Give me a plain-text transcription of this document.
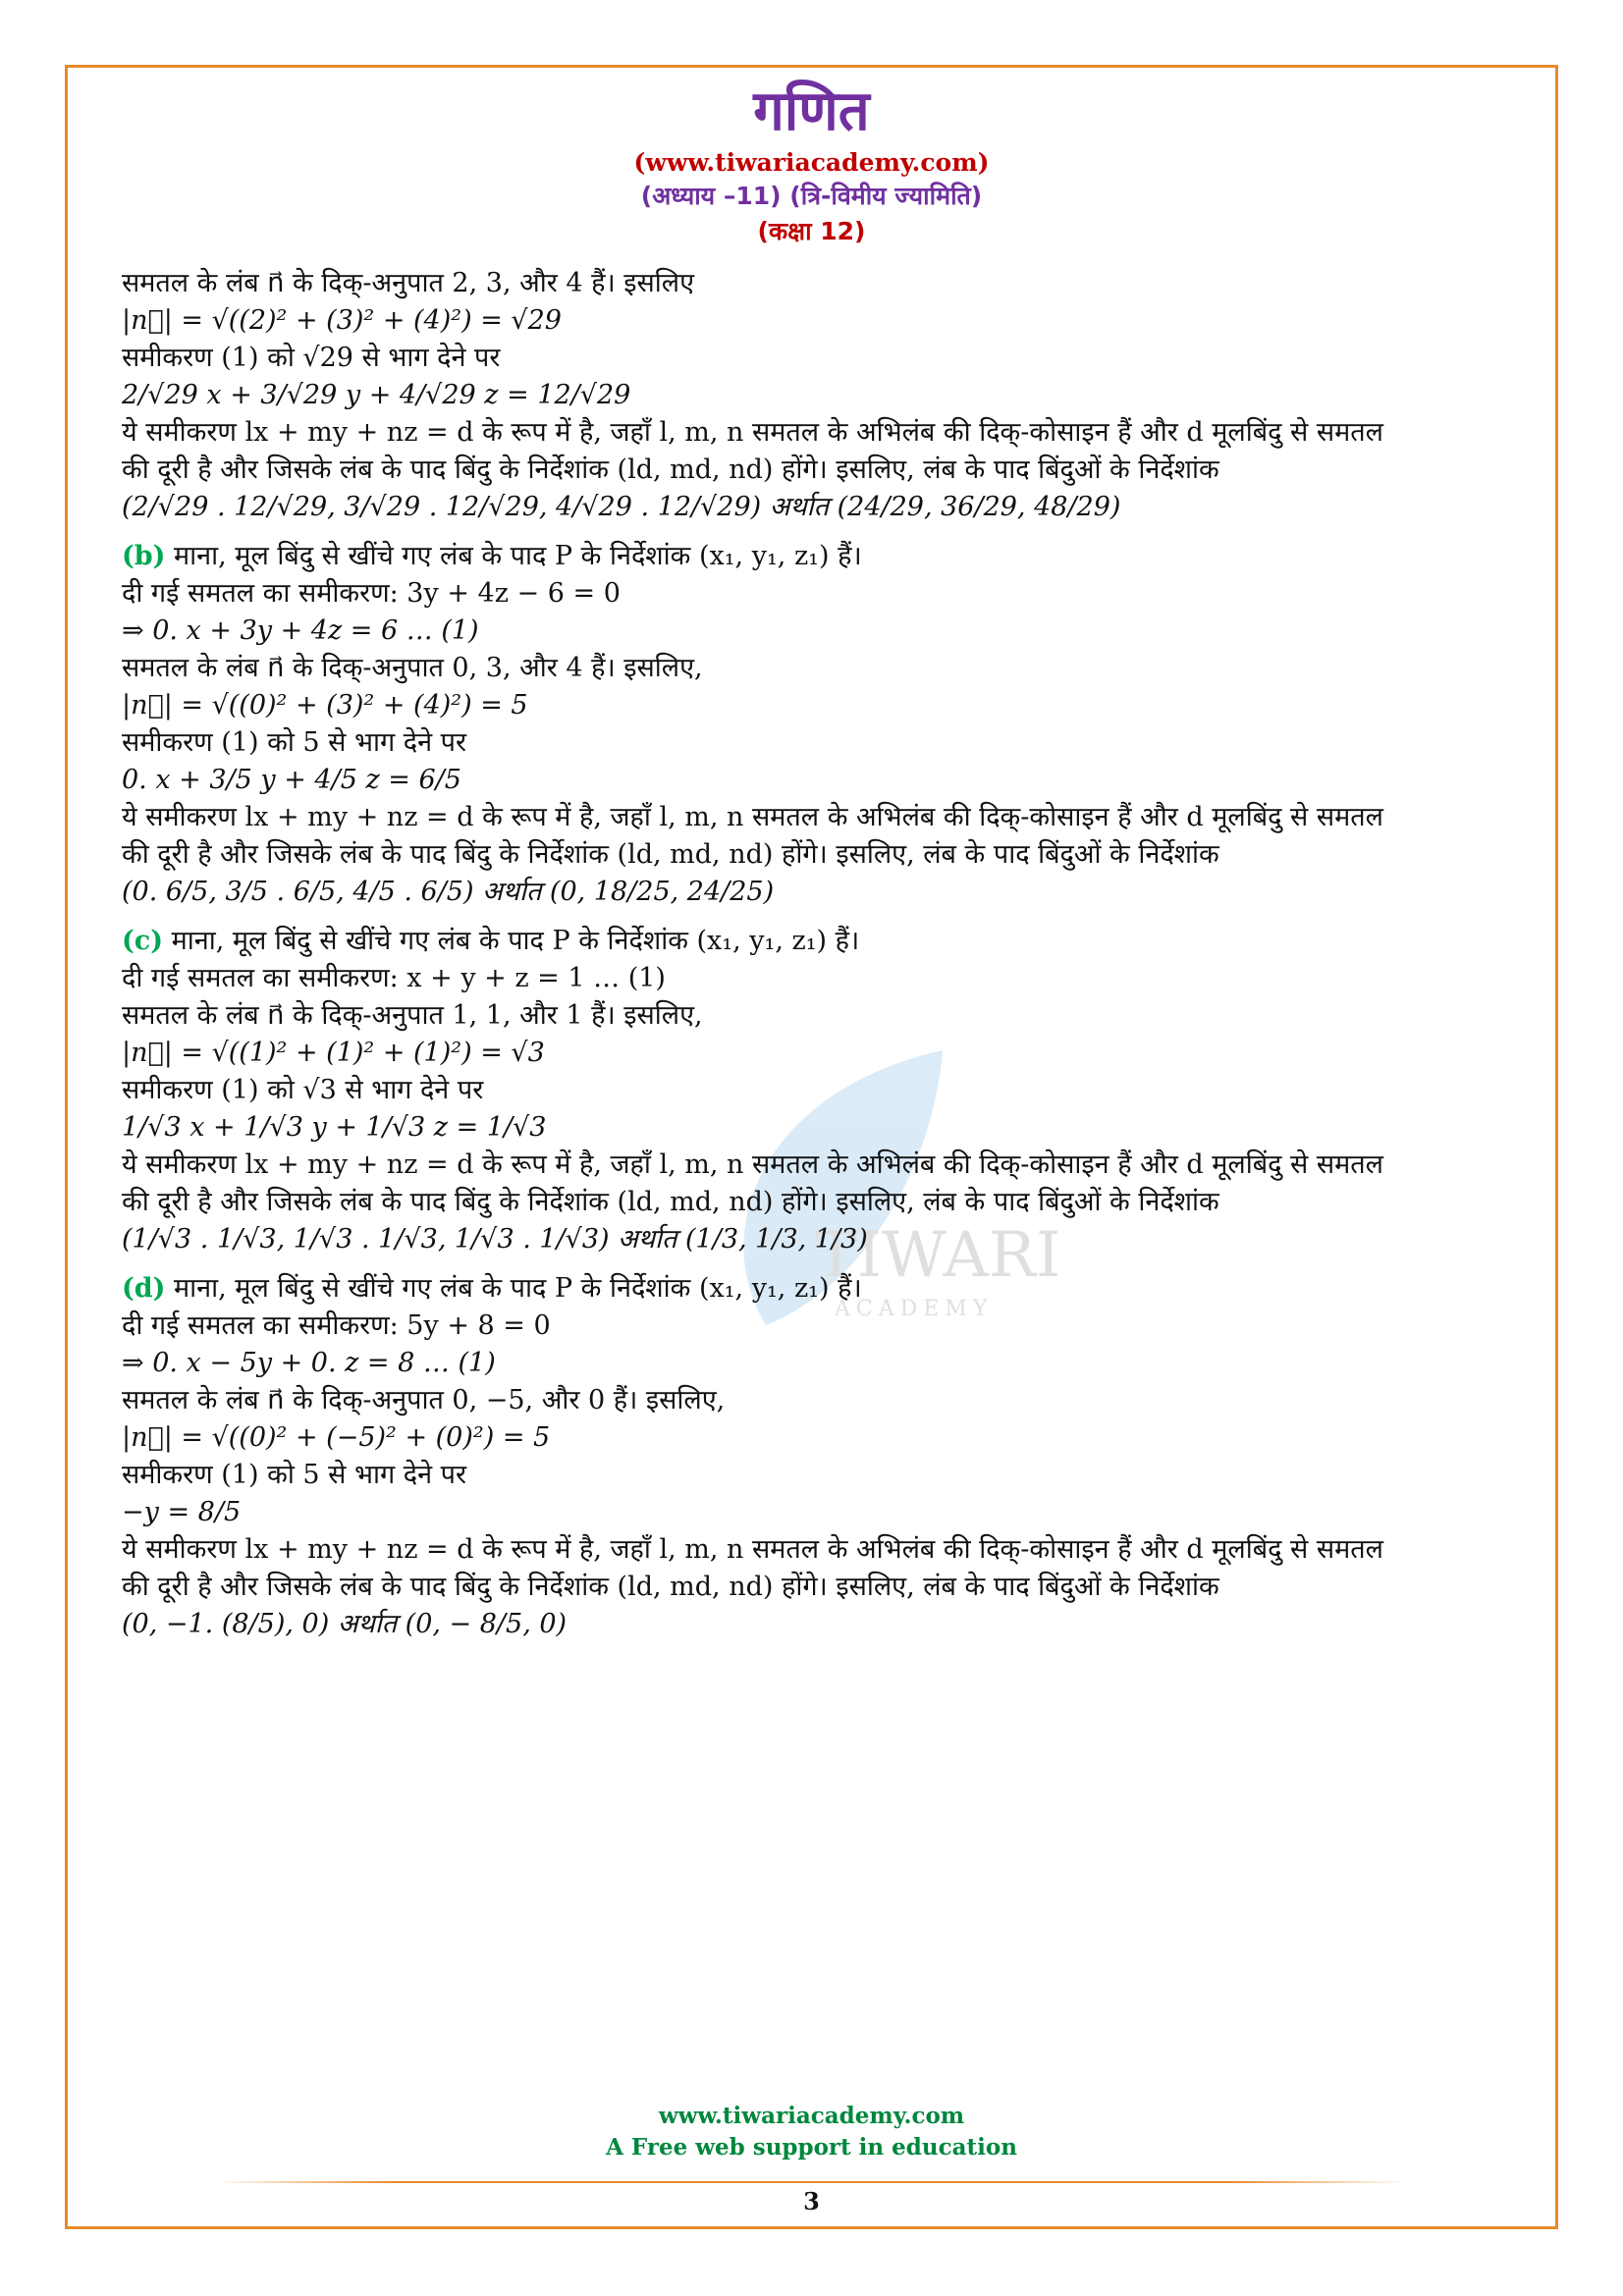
TIWARI
ACADEMY
गणित
(www.tiwariacademy.com)
(अध्याय –11) (त्रि-विमीय ज्यामिति)
(कक्षा 12)
समतल के लंब n⃗ के दिक्-अनुपात 2, 3, और 4 हैं। इसलिए
|n⃗| = √((2)² + (3)² + (4)²) = √29
समीकरण (1) को √29 से भाग देने पर
2/√29 x + 3/√29 y + 4/√29 z = 12/√29
ये समीकरण lx + my + nz = d के रूप में है, जहाँ l, m, n समतल के अभिलंब की दिक्-कोसाइन हैं और d मूलबिंदु से समतल
की दूरी है और जिसके लंब के पाद बिंदु के निर्देशांक (ld, md, nd) होंगे। इसलिए, लंब के पाद बिंदुओं के निर्देशांक
(2/√29 . 12/√29, 3/√29 . 12/√29, 4/√29 . 12/√29) अर्थात (24/29, 36/29, 48/29)
(b) माना, मूल बिंदु से खींचे गए लंब के पाद P के निर्देशांक (x₁, y₁, z₁) हैं।
दी गई समतल का समीकरण: 3y + 4z − 6 = 0
⇒ 0. x + 3y + 4z = 6 … (1)
समतल के लंब n⃗ के दिक्-अनुपात 0, 3, और 4 हैं। इसलिए,
|n⃗| = √((0)² + (3)² + (4)²) = 5
समीकरण (1) को 5 से भाग देने पर
0. x + 3/5 y + 4/5 z = 6/5
ये समीकरण lx + my + nz = d के रूप में है, जहाँ l, m, n समतल के अभिलंब की दिक्-कोसाइन हैं और d मूलबिंदु से समतल
की दूरी है और जिसके लंब के पाद बिंदु के निर्देशांक (ld, md, nd) होंगे। इसलिए, लंब के पाद बिंदुओं के निर्देशांक
(0. 6/5, 3/5 . 6/5, 4/5 . 6/5) अर्थात (0, 18/25, 24/25)
(c) माना, मूल बिंदु से खींचे गए लंब के पाद P के निर्देशांक (x₁, y₁, z₁) हैं।
दी गई समतल का समीकरण: x + y + z = 1 … (1)
समतल के लंब n⃗ के दिक्-अनुपात 1, 1, और 1 हैं। इसलिए,
|n⃗| = √((1)² + (1)² + (1)²) = √3
समीकरण (1) को √3 से भाग देने पर
1/√3 x + 1/√3 y + 1/√3 z = 1/√3
ये समीकरण lx + my + nz = d के रूप में है, जहाँ l, m, n समतल के अभिलंब की दिक्-कोसाइन हैं और d मूलबिंदु से समतल
की दूरी है और जिसके लंब के पाद बिंदु के निर्देशांक (ld, md, nd) होंगे। इसलिए, लंब के पाद बिंदुओं के निर्देशांक
(1/√3 . 1/√3, 1/√3 . 1/√3, 1/√3 . 1/√3) अर्थात (1/3, 1/3, 1/3)
(d) माना, मूल बिंदु से खींचे गए लंब के पाद P के निर्देशांक (x₁, y₁, z₁) हैं।
दी गई समतल का समीकरण: 5y + 8 = 0
⇒ 0. x − 5y + 0. z = 8 … (1)
समतल के लंब n⃗ के दिक्-अनुपात 0, −5, और 0 हैं। इसलिए,
|n⃗| = √((0)² + (−5)² + (0)²) = 5
समीकरण (1) को 5 से भाग देने पर
−y = 8/5
ये समीकरण lx + my + nz = d के रूप में है, जहाँ l, m, n समतल के अभिलंब की दिक्-कोसाइन हैं और d मूलबिंदु से समतल
की दूरी है और जिसके लंब के पाद बिंदु के निर्देशांक (ld, md, nd) होंगे। इसलिए, लंब के पाद बिंदुओं के निर्देशांक
(0, −1. (8/5), 0) अर्थात (0, − 8/5, 0)
www.tiwariacademy.com
A Free web support in education
3
